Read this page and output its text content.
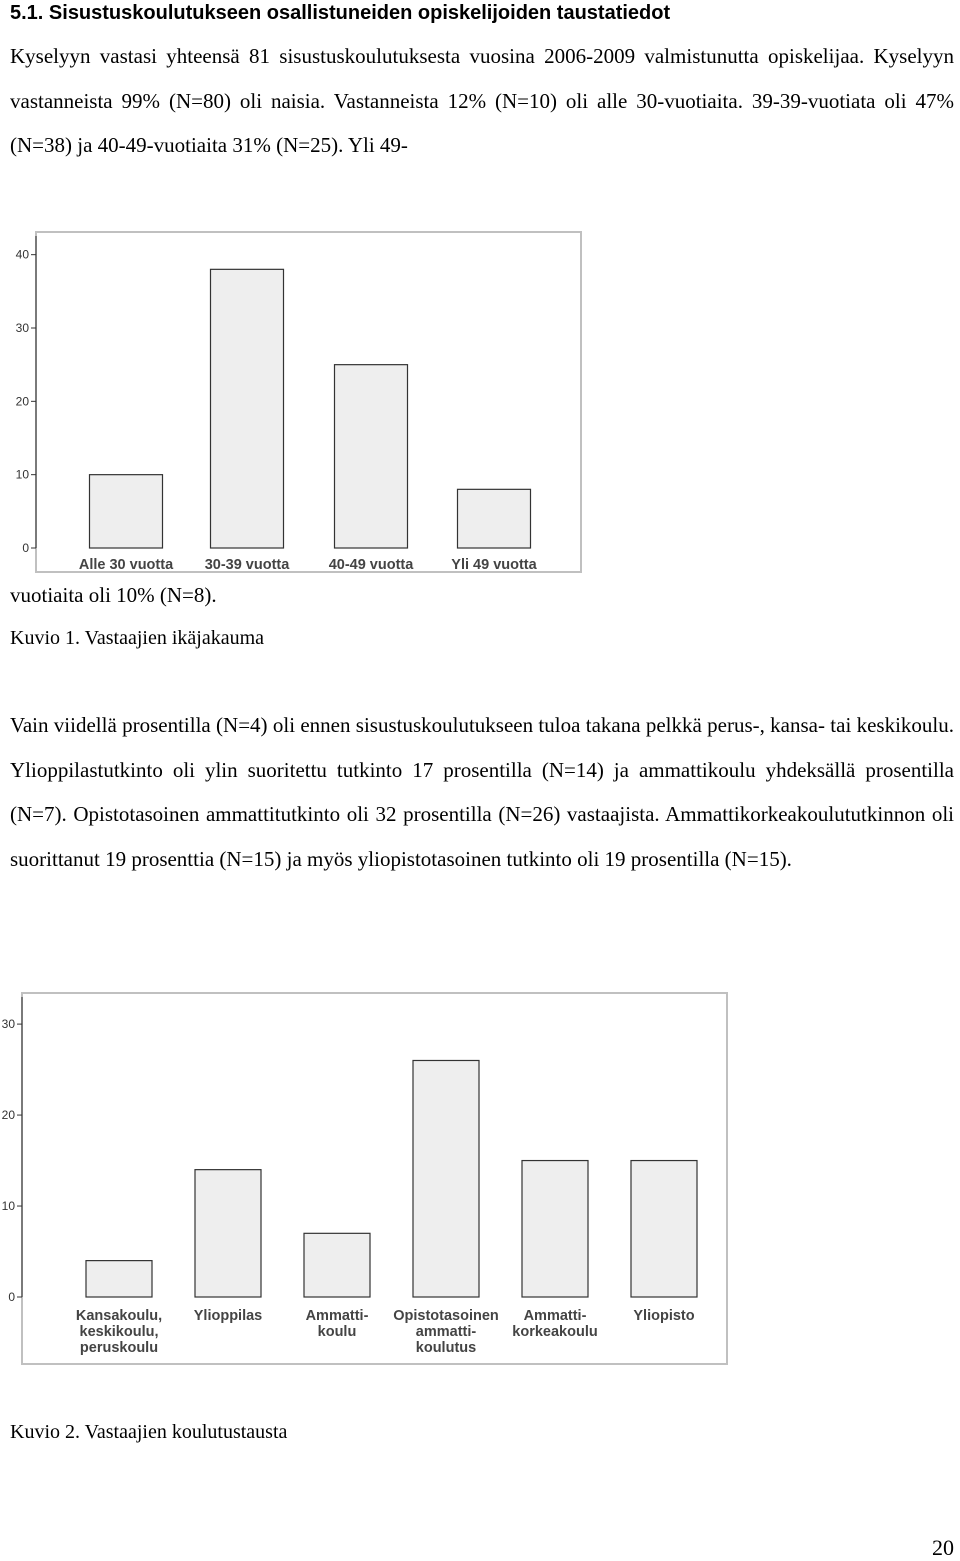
5.1. Sisustuskoulutukseen osallistuneiden opiskelijoiden taustatiedot
Kyselyyn vastasi yhteensä 81 sisustuskoulutuksesta vuosina 2006-2009 valmistunutta opiskelijaa. Kyselyyn vastanneista 99% (N=80) oli naisia. Vastanneista 12% (N=10) oli alle 30-vuotiaita. 39-39-vuotiata oli 47% (N=38) ja 40-49-vuotiaita 31% (N=25). Yli 49-
0
10
20
30
40
Alle 30 vuotta 30-39 vuotta	40-49 vuotta	Yli 49 vuotta
vuotiaita oli 10% (N=8).
Kuvio 1. Vastaajien ikäjakauma
Vain viidellä prosentilla (N=4) oli ennen sisustuskoulutukseen tuloa takana pelkkä perus-, kansa- tai keskikoulu. Ylioppilastutkinto oli ylin suoritettu tutkinto 17 prosentilla (N=14) ja ammattikoulu yhdeksällä prosentilla (N=7). Opistotasoinen ammattitutkinto oli 32 prosentilla (N=26) vastaajista. Ammattikorkeakoulututkinnon oli suorittanut 19 prosenttia (N=15) ja myös yliopistotasoinen tutkinto oli 19 prosentilla (N=15).
0
10
20
30
Kansakoulu, keskikoulu, peruskoulu
Ylioppilas	Ammatti-koulu
Opistotasoinen ammatti-koulutus
Ammatti-korkeakoulu
Yliopisto
Kuvio 2. Vastaajien koulutustausta
20
